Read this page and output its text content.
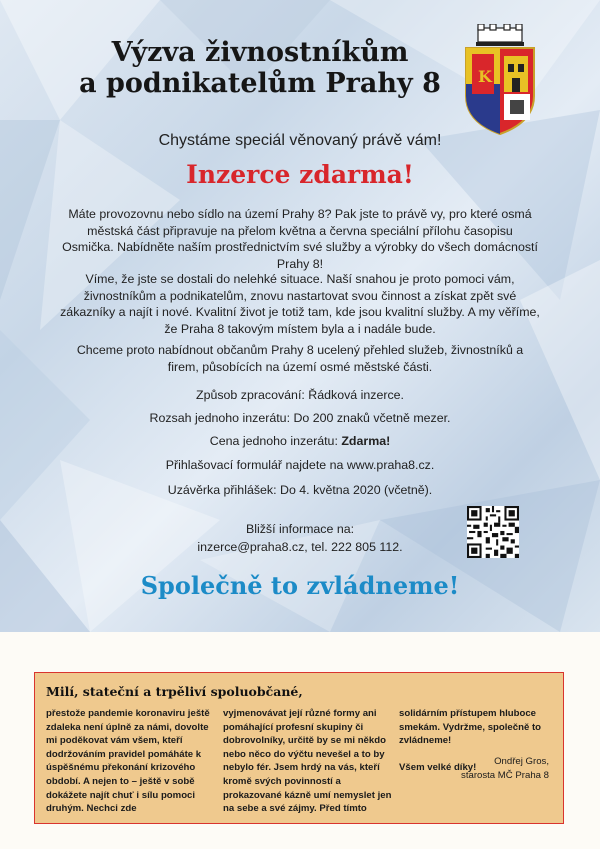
Výzva živnostníkům
a podnikatelům Prahy 8	K
Chystáme speciál věnovaný právě vám!
Inzerce zdarma!
Máte provozovnu nebo sídlo na území Prahy 8? Pak jste to právě vy, pro které osmá městská část připravuje na přelom května a června speciální přílohu časopisu Osmička. Nabídněte naším prostřednictvím své služby a výrobky do všech domácností Prahy 8!
Víme, že jste se dostali do nelehké situace. Naší snahou je proto pomoci vám, živnostníkům a podnikatelům, znovu nastartovat svou činnost a získat zpět své zákazníky a najít i nové. Kvalitní život je totiž tam, kde jsou kvalitní služby. A my věříme, že Praha 8 takovým místem byla a i nadále bude.
Chceme proto nabídnout občanům Prahy 8 ucelený přehled služeb, živnostníků a firem, působících na území osmé městské části.
Způsob zpracování: Řádková inzerce.
Rozsah jednoho inzerátu: Do 200 znaků včetně mezer.
Cena jednoho inzerátu: Zdarma!
Přihlašovací formulář najdete na www.praha8.cz.
Uzávěrka přihlášek: Do 4. května 2020 (včetně).
Bližší informace na:
inzerce@praha8.cz, tel. 222 805 112.
Společně to zvládneme!
Milí, stateční a trpěliví spoluobčané,
přestože pandemie koronaviru ještě zdaleka není úplně za námi, dovolte mi poděkovat vám všem, kteří dodržováním pravidel pomáháte k úspěšnému překonání krizového období. A nejen to – ještě v sobě dokážete najít chuť i sílu pomoci druhým. Nechci zde
vyjmenovávat její různé formy ani pomáhající profesní skupiny či dobrovolníky, určitě by se mi někdo nebo něco do výčtu nevešel a to by nebylo fér. Jsem hrdý na vás, kteří kromě svých povinností a prokazované kázně umí nemyslet jen na sebe a své zájmy. Před tímto

solidárním přístupem hluboce smekám. Vydržme, společně to zvládneme!

Všem velké díky!

Ondřej Gros,
starosta MČ Praha 8
